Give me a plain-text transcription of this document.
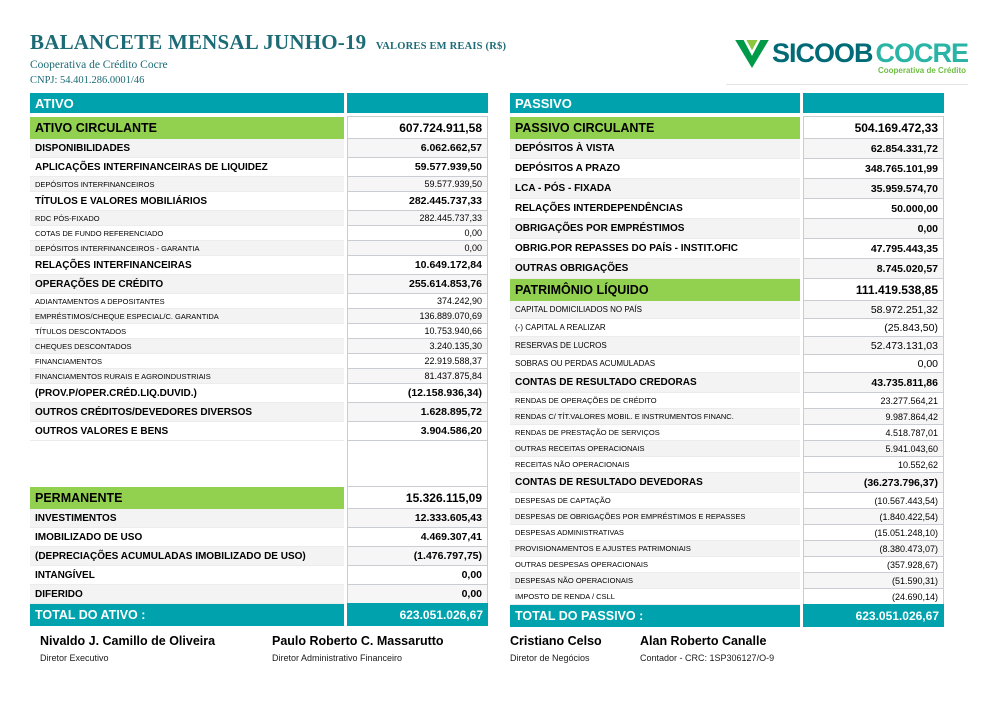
BALANCETE MENSAL JUNHO-19 VALORES EM REAIS (R$)
Cooperativa de Crédito Cocre
CNPJ: 54.401.286.0001/46
SICOOB COCRE
Cooperativa de Crédito
ATIVO
ATIVO CIRCULANTE	607.724.911,58
DISPONIBILIDADES	6.062.662,57
APLICAÇÕES INTERFINANCEIRAS DE LIQUIDEZ	59.577.939,50
DEPÓSITOS INTERFINANCEIROS	59.577.939,50
TÍTULOS E VALORES MOBILIÁRIOS	282.445.737,33
RDC PÓS-FIXADO	282.445.737,33
COTAS DE FUNDO REFERENCIADO	0,00
DEPÓSITOS INTERFINANCEIROS - GARANTIA	0,00
RELAÇÕES INTERFINANCEIRAS	10.649.172,84
OPERAÇÕES DE CRÉDITO	255.614.853,76
ADIANTAMENTOS A DEPOSITANTES	374.242,90
EMPRÉSTIMOS/CHEQUE ESPECIAL/C. GARANTIDA	136.889.070,69
TÍTULOS DESCONTADOS	10.753.940,66
CHEQUES DESCONTADOS	3.240.135,30
FINANCIAMENTOS	22.919.588,37
FINANCIAMENTOS RURAIS E AGROINDUSTRIAIS	81.437.875,84
(PROV.P/OPER.CRÉD.LIQ.DUVID.)	(12.158.936,34)
OUTROS CRÉDITOS/DEVEDORES DIVERSOS	1.628.895,72
OUTROS VALORES E BENS	3.904.586,20
PERMANENTE	15.326.115,09
INVESTIMENTOS	12.333.605,43
IMOBILIZADO DE USO	4.469.307,41
(DEPRECIAÇÕES ACUMULADAS IMOBILIZADO DE USO)	(1.476.797,75)
INTANGÍVEL	0,00
DIFERIDO	0,00
TOTAL DO ATIVO :	623.051.026,67
PASSIVO
PASSIVO CIRCULANTE	504.169.472,33
DEPÓSITOS À VISTA	62.854.331,72
DEPÓSITOS A PRAZO	348.765.101,99
LCA - PÓS - FIXADA	35.959.574,70
RELAÇÕES INTERDEPENDÊNCIAS	50.000,00
OBRIGAÇÕES POR EMPRÉSTIMOS	0,00
OBRIG.POR REPASSES DO PAÍS - INSTIT.OFIC	47.795.443,35
OUTRAS OBRIGAÇÕES	8.745.020,57
PATRIMÔNIO LÍQUIDO	111.419.538,85
CAPITAL DOMICILIADOS NO PAÍS	58.972.251,32
(-) CAPITAL A REALIZAR	(25.843,50)
RESERVAS DE LUCROS	52.473.131,03
SOBRAS OU PERDAS ACUMULADAS	0,00
CONTAS DE RESULTADO CREDORAS	43.735.811,86
RENDAS DE OPERAÇÕES DE CRÉDITO	23.277.564,21
RENDAS C/ TÍT.VALORES MOBIL. E INSTRUMENTOS FINANC.	9.987.864,42
RENDAS DE PRESTAÇÃO DE SERVIÇOS	4.518.787,01
OUTRAS RECEITAS OPERACIONAIS	5.941.043,60
RECEITAS NÃO OPERACIONAIS	10.552,62
CONTAS DE RESULTADO DEVEDORAS	(36.273.796,37)
DESPESAS DE CAPTAÇÃO	(10.567.443,54)
DESPESAS DE OBRIGAÇÕES POR EMPRÉSTIMOS E REPASSES	(1.840.422,54)
DESPESAS ADMINISTRATIVAS	(15.051.248,10)
PROVISIONAMENTOS E AJUSTES PATRIMONIAIS	(8.380.473,07)
OUTRAS DESPESAS OPERACIONAIS	(357.928,67)
DESPESAS NÃO OPERACIONAIS	(51.590,31)
IMPOSTO DE RENDA / CSLL	(24.690,14)
TOTAL DO PASSIVO :	623.051.026,67
Nivaldo J. Camillo de Oliveira
Diretor Executivo
Paulo Roberto C. Massarutto
Diretor Administrativo Financeiro
Cristiano Celso
Diretor de Negócios
Alan Roberto Canalle
Contador - CRC: 1SP306127/O-9
